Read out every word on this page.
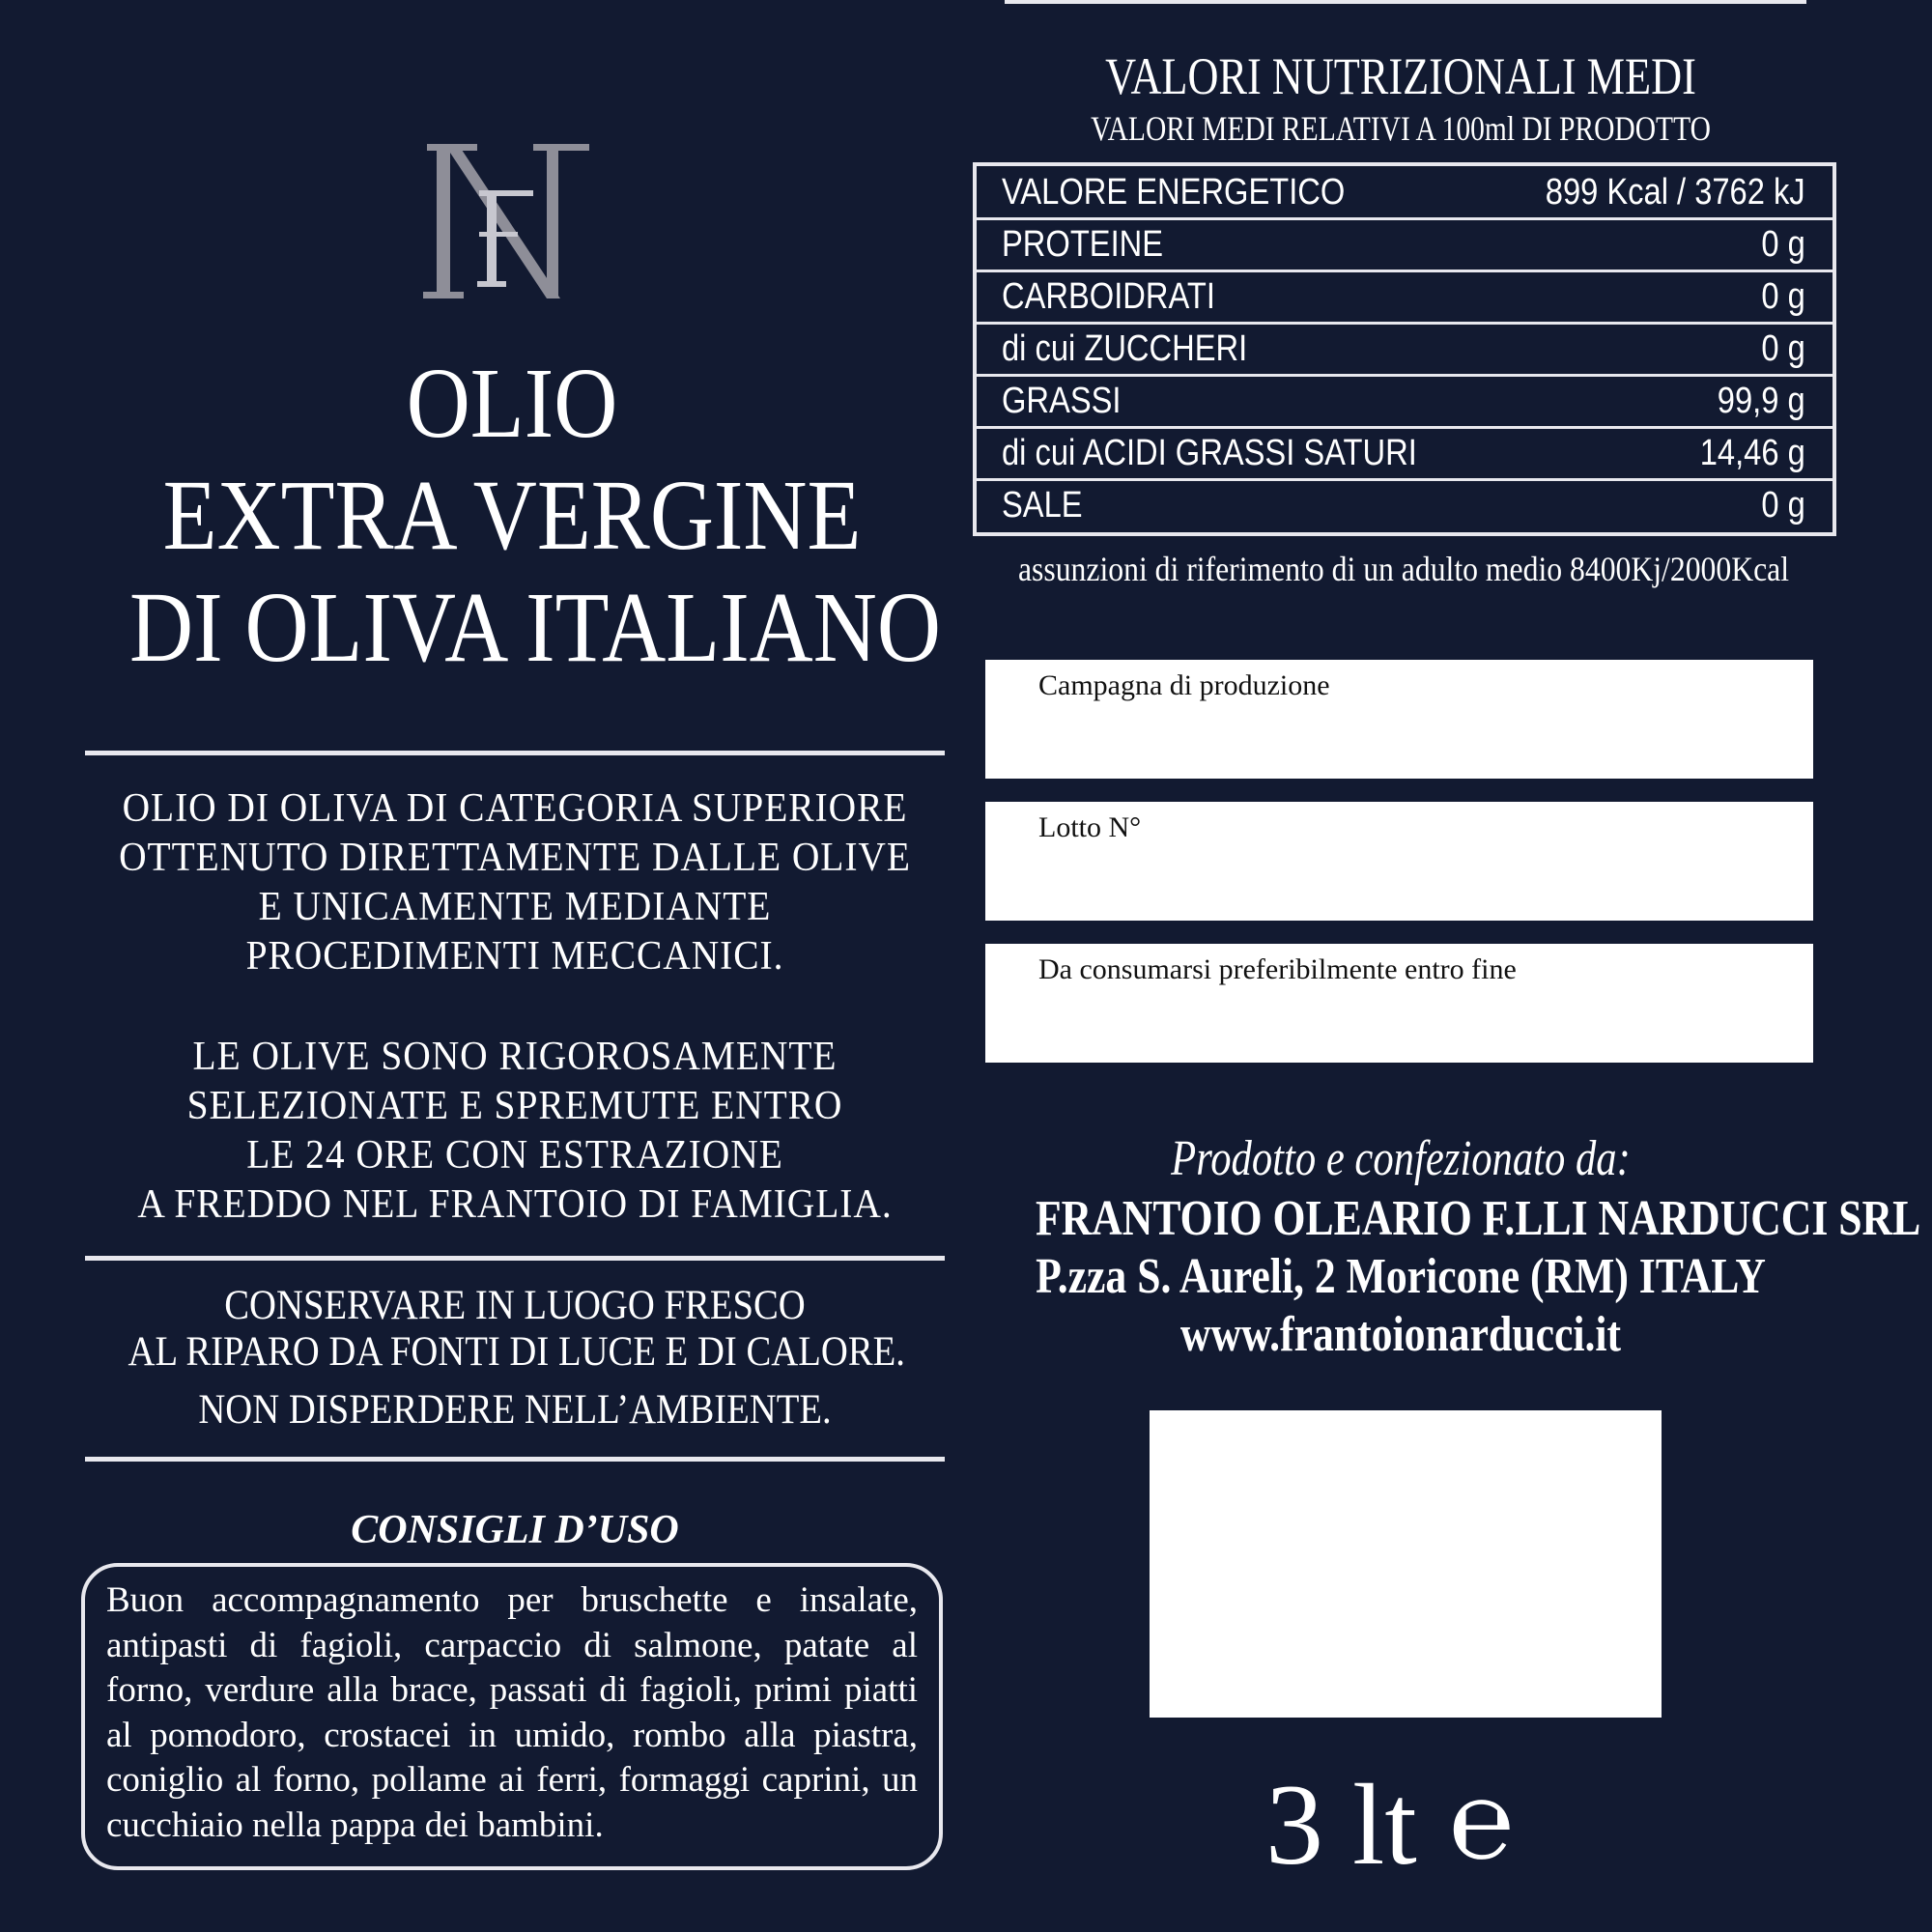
OLIO
EXTRA VERGINE
DI OLIVA ITALIANO
OLIO DI OLIVA DI CATEGORIA SUPERIORE
OTTENUTO DIRETTAMENTE DALLE OLIVE
E UNICAMENTE MEDIANTE
PROCEDIMENTI MECCANICI.
LE OLIVE SONO RIGOROSAMENTE
SELEZIONATE E SPREMUTE ENTRO
LE 24 ORE CON ESTRAZIONE
A FREDDO NEL FRANTOIO DI FAMIGLIA.
CONSERVARE IN LUOGO FRESCO
AL RIPARO DA FONTI DI LUCE E DI CALORE.
NON DISPERDERE NELL’AMBIENTE.
CONSIGLI D’USO
Buon accompagnamento per bruschette e insalate, antipasti di fagioli, carpaccio di salmone, patate al forno, verdure alla brace, passati di fagioli, primi piatti al pomodoro, crostacei in umido, rombo alla piastra, coniglio al forno, pollame ai ferri, formaggi caprini, un cucchiaio nella pappa dei bambini.
VALORI NUTRIZIONALI MEDI
VALORI MEDI RELATIVI A 100ml DI PRODOTTO
VALORE ENERGETICO	899 Kcal / 3762 kJ
PROTEINE	0 g
CARBOIDRATI	0 g
di cui ZUCCHERI	0 g
GRASSI	99,9 g
di cui ACIDI GRASSI SATURI	14,46 g
SALE	0 g
assunzioni di riferimento di un adulto medio 8400Kj/2000Kcal
Campagna di produzione
Lotto N°
Da consumarsi preferibilmente entro fine
Prodotto e confezionato da:
FRANTOIO OLEARIO F.LLI NARDUCCI SRL
P.zza S. Aureli, 2 Moricone (RM) ITALY
www.frantoionarducci.it
3 lt ℮
